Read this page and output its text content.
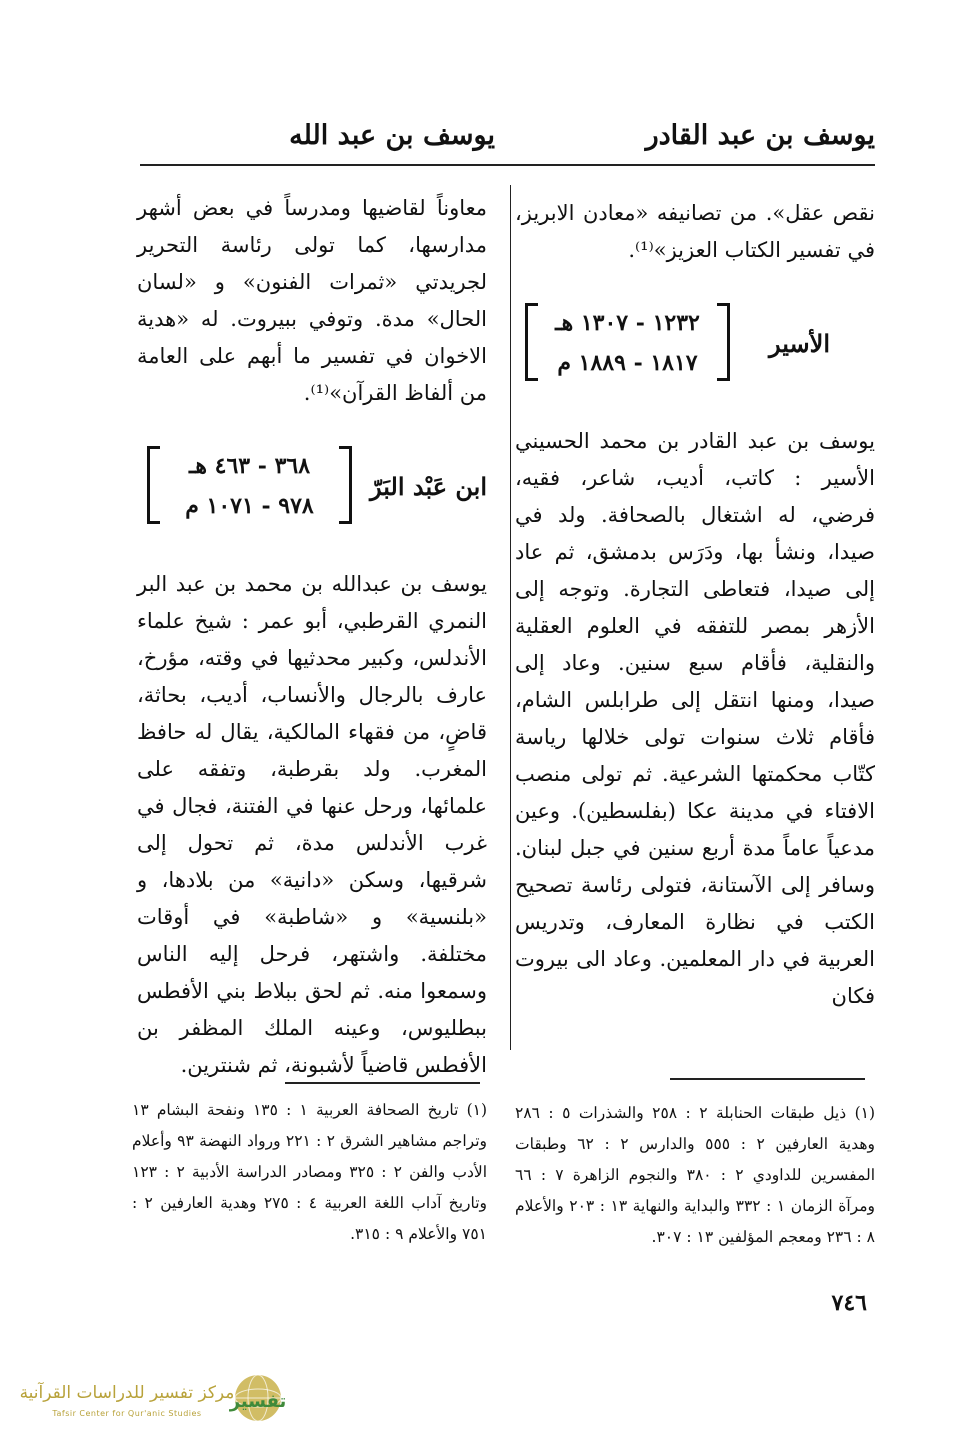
يوسف بن عبد القادر
يوسف بن عبد الله

نقص عقل». من تصانيفه «معادن الابريز، في تفسير الكتاب العزيز»⁽¹⁾.

الأسير
١٢٣٢ - ١٣٠٧ هـ
١٨١٧ - ١٨٨٩ م

يوسف بن عبد القادر بن محمد الحسيني الأسير : كاتب، أديب، شاعر، فقيه، فرضي، له اشتغال بالصحافة. ولد في صيدا، ونشأ بها، ودَرَس بدمشق، ثم عاد إلى صيدا، فتعاطى التجارة. وتوجه إلى الأزهر بمصر للتفقه في العلوم العقلية والنقلية، فأقام سبع سنين. وعاد إلى صيدا، ومنها انتقل إلى طرابلس الشام، فأقام ثلاث سنوات تولى خلالها رياسة كتّاب محكمتها الشرعية. ثم تولى منصب الافتاء في مدينة عكا (بفلسطين). وعين مدعياً عاماً مدة أربع سنين في جبل لبنان. وسافر إلى الآستانة، فتولى رئاسة تصحيح الكتب في نظارة المعارف، وتدريس العربية في دار المعلمين. وعاد الى بيروت فكان

معاوناً لقاضيها ومدرساً في بعض أشهر مدارسها، كما تولى رئاسة التحرير لجريدتي «ثمرات الفنون» و «لسان الحال» مدة. وتوفي ببيروت. له «هدية الاخوان في تفسير ما أبهم على العامة من ألفاظ القرآن»⁽¹⁾.

ابن عَبْد البَرّ
٣٦٨ - ٤٦٣ هـ
٩٧٨ - ١٠٧١ م

يوسف بن عبدالله بن محمد بن عبد البر النمري القرطبي، أبو عمر : شيخ علماء الأندلس، وكبير محدثيها في وقته، مؤرخ، عارف بالرجال والأنساب، أديب، بحاثة، قاضٍ، من فقهاء المالكية، يقال له حافظ المغرب. ولد بقرطبة، وتفقه على علمائها، ورحل عنها في الفتنة، فجال في غرب الأندلس مدة، ثم تحول إلى شرقيها، وسكن «دانية» من بلادها، و «بلنسية» و «شاطبة» في أوقات مختلفة. واشتهر، فرحل إليه الناس وسمعوا منه. ثم لحق ببلاط بني الأفطس ببطليوس، وعينه الملك المظفر بن الأفطس قاضياً لأشبونة، ثم شنترين.

(١) ذيل طبقات الحنابلة ٢ : ٢٥٨ والشذرات ٥ : ٢٨٦ وهدية العارفين ٢ : ٥٥٥ والدارس ٢ : ٦٢ وطبقات المفسرين للداودي ٢ : ٣٨٠ والنجوم الزاهرة ٧ : ٦٦ ومرآة الزمان ١ : ٣٣٢ والبداية والنهاية ١٣ : ٢٠٣ والأعلام ٨ : ٢٣٦ ومعجم المؤلفين ١٣ : ٣٠٧.
(١) تاريخ الصحافة العربية ١ : ١٣٥ ونفحة البشام ١٣ وتراجم مشاهير الشرق ٢ : ٢٢١ ورواد النهضة ٩٣ وأعلام الأدب والفن ٢ : ٣٢٥ ومصادر الدراسة الأدبية ٢ : ١٢٣ وتاريخ آداب اللغة العربية ٤ : ٢٧٥ وهدية العارفين ٢ : ٧٥١ والأعلام ٩ : ٣١٥.
٧٤٦
تفسير
مركز تفسير للدراسات القرآنية
Tafsir Center for Qur'anic Studies
